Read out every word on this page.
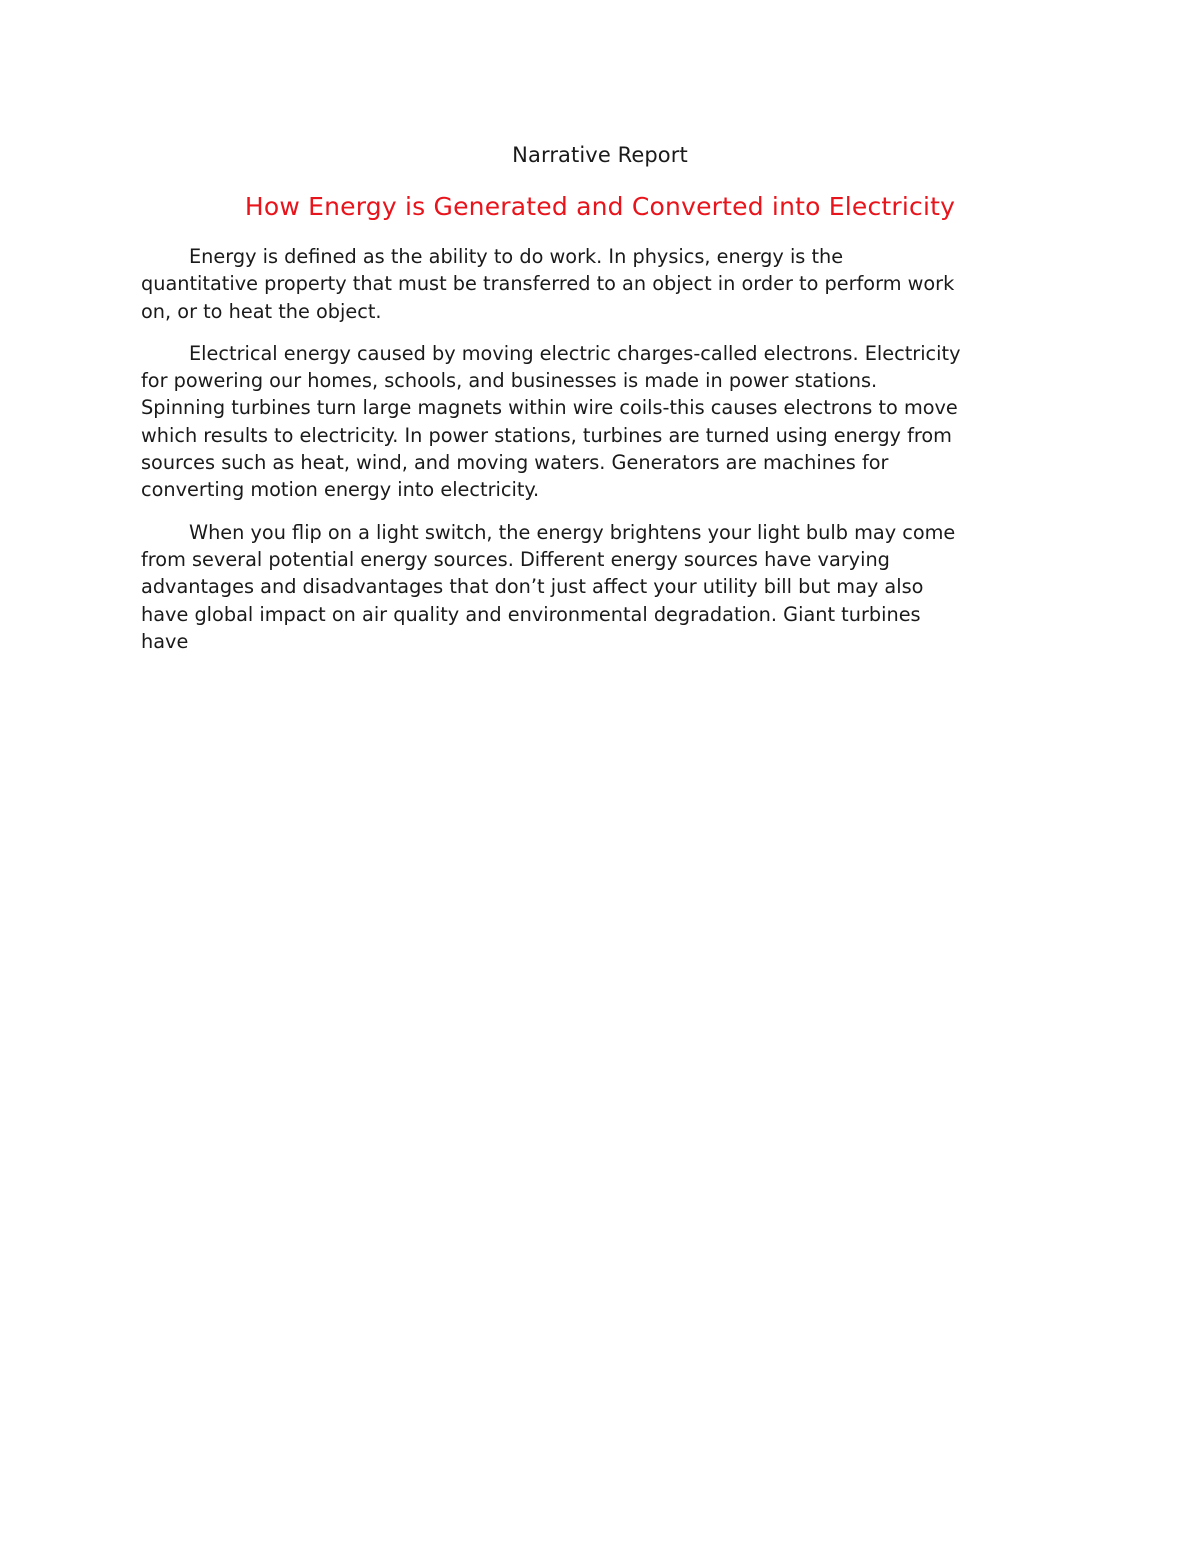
Narrative Report
How Energy is Generated and Converted into Electricity

Energy is defined as the ability to do work. In physics, energy is the
quantitative property that must be transferred to an object in order to perform work
on, or to heat the object.

Electrical energy caused by moving electric charges-called electrons. Electricity
for powering our homes, schools, and businesses is made in power stations.
Spinning turbines turn large magnets within wire coils-this causes electrons to move
which results to electricity. In power stations, turbines are turned using energy from
sources such as heat, wind, and moving waters. Generators are machines for
converting motion energy into electricity.

When you flip on a light switch, the energy brightens your light bulb may come
from several potential energy sources. Different energy sources have varying
advantages and disadvantages that don’t just affect your utility bill but may also
have global impact on air quality and environmental degradation. Giant turbines
have
